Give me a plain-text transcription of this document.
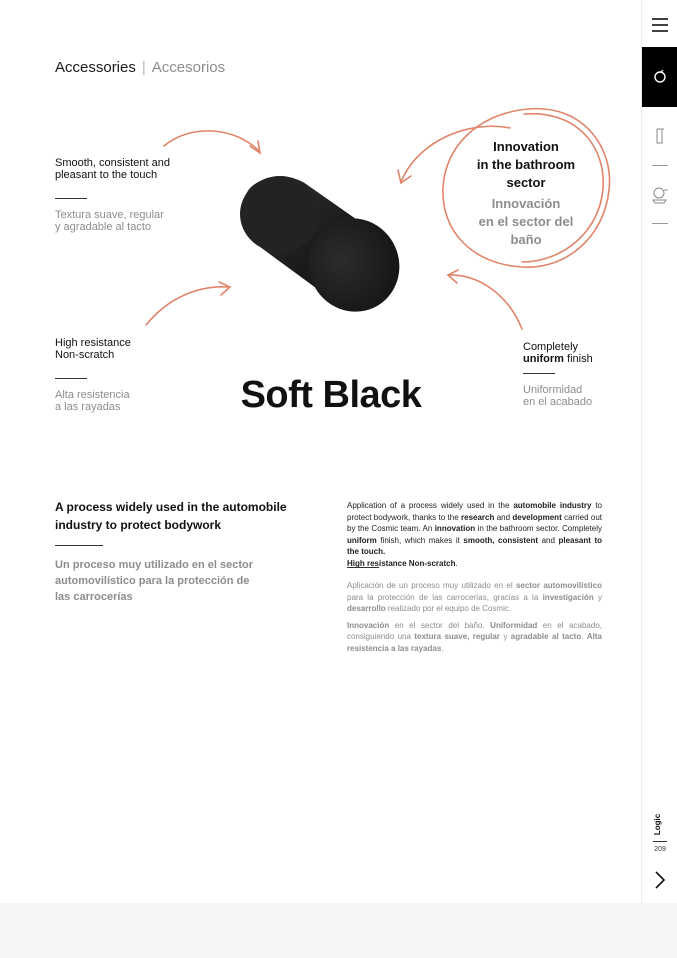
Accessories | Accesorios
Smooth, consistent and
pleasant to the touch
Textura suave, regular
y agradable al tacto
High resistance
Non-scratch
Alta resistencia
a las rayadas
Completely
uniform finish
Uniformidad
en el acabado
Innovation
in the bathroom
sector
Innovación
en el sector del
baño
Soft Black
A process widely used in the automobile
industry to protect bodywork
Un proceso muy utilizado en el sector
automovilístico para la protección de
las carrocerías
Application of a process widely used in the automobile industry to protect bodywork, thanks to the research and development carried out by the Cosmic team. An innovation in the bathroom sector. Completely uniform finish, which makes it smooth, consistent and pleasant to the touch.
High resistance Non-scratch.

Aplicación de un proceso muy utilizado en el sector automovilístico para la protección de las carrocerías, gracias a la investigación y desarrollo realizado por el equipo de Cosmic.

Innovación en el sector del baño. Uniformidad en el acabado, consiguiendo una textura suave, regular y agradable al tacto. Alta resistencia a las rayadas.

Logic
209
